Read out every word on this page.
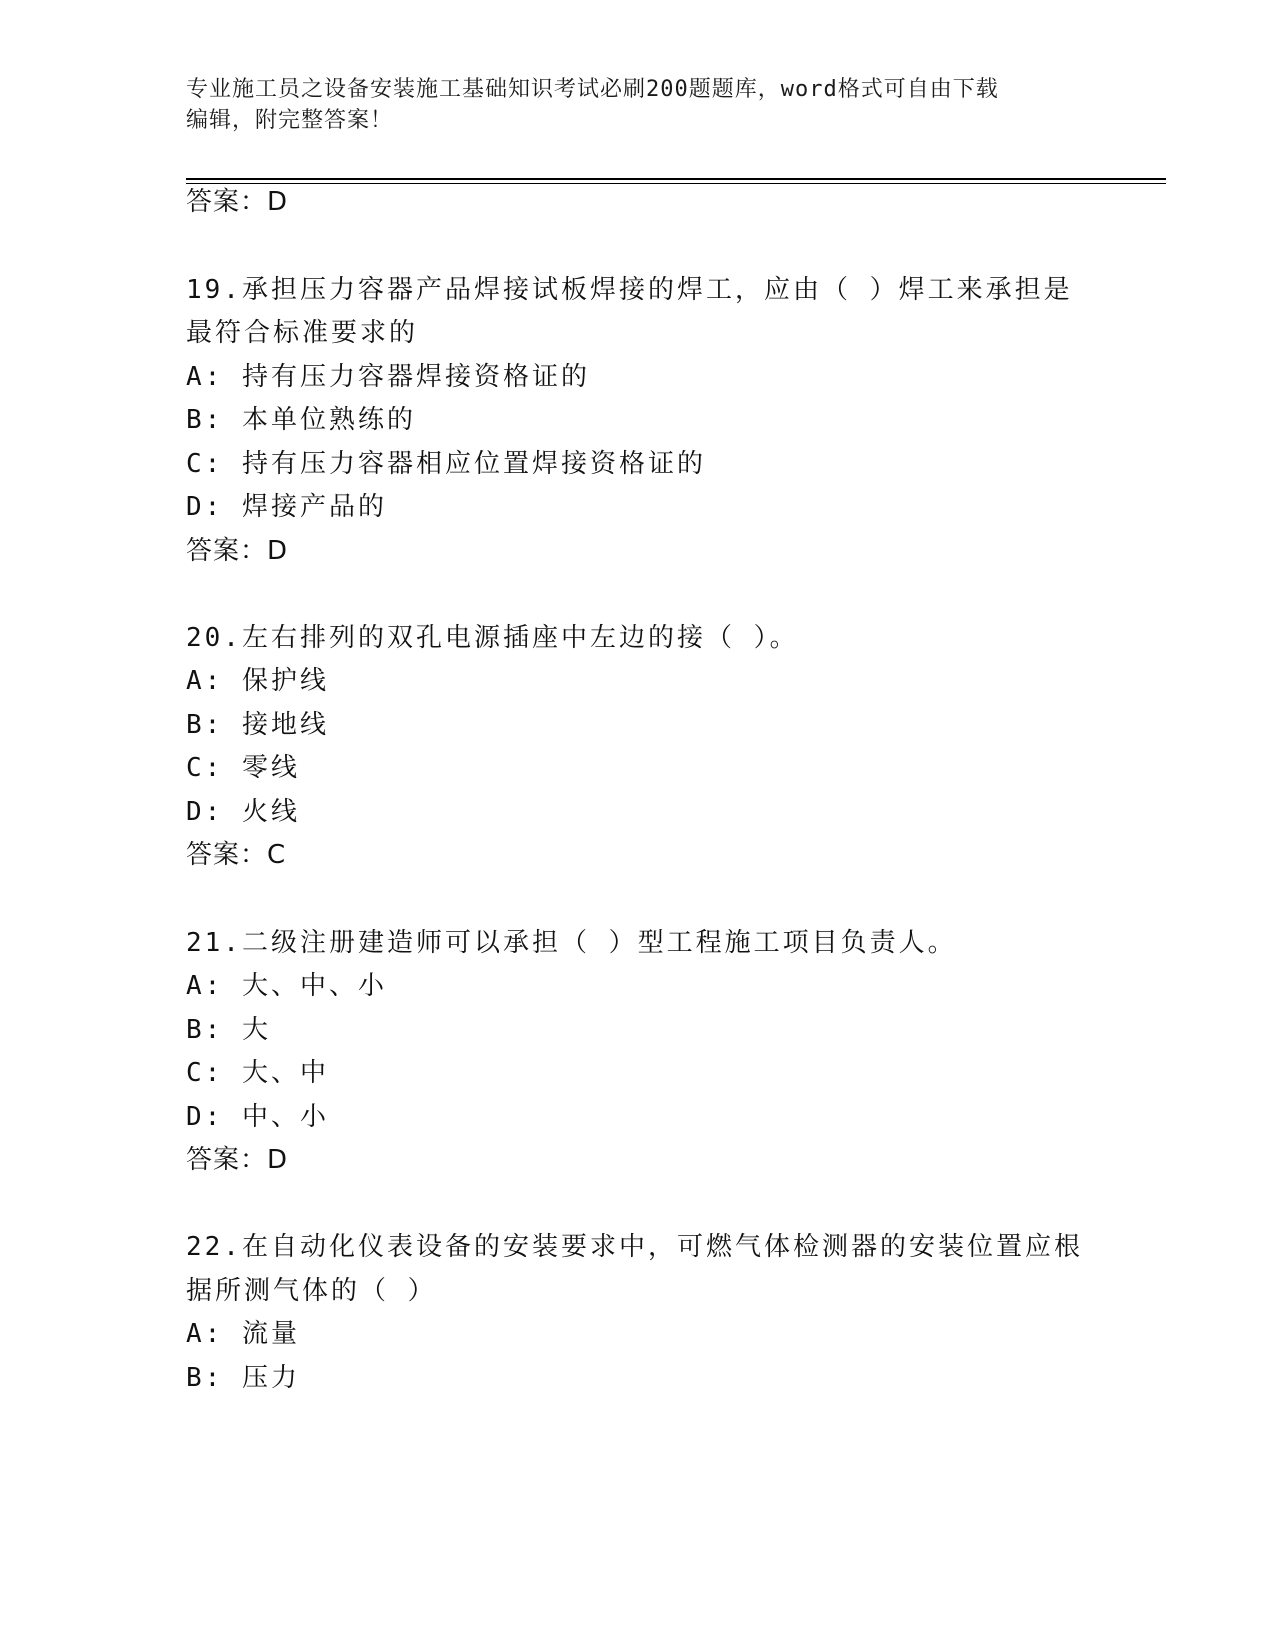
专业施工员之设备安装施工基础知识考试必刷200题题库，word格式可自由下载
编辑，附完整答案！
答案：D
19.承担压力容器产品焊接试板焊接的焊工，应由（ ）焊工来承担是
最符合标准要求的
A: 持有压力容器焊接资格证的
B: 本单位熟练的
C: 持有压力容器相应位置焊接资格证的
D: 焊接产品的
答案：D
20.左右排列的双孔电源插座中左边的接（ ）。
A: 保护线
B: 接地线
C: 零线
D: 火线
答案：C
21.二级注册建造师可以承担（ ）型工程施工项目负责人。
A: 大、中、小
B: 大
C: 大、中
D: 中、小
答案：D
22.在自动化仪表设备的安装要求中，可燃气体检测器的安装位置应根
据所测气体的（ ）
A: 流量
B: 压力
